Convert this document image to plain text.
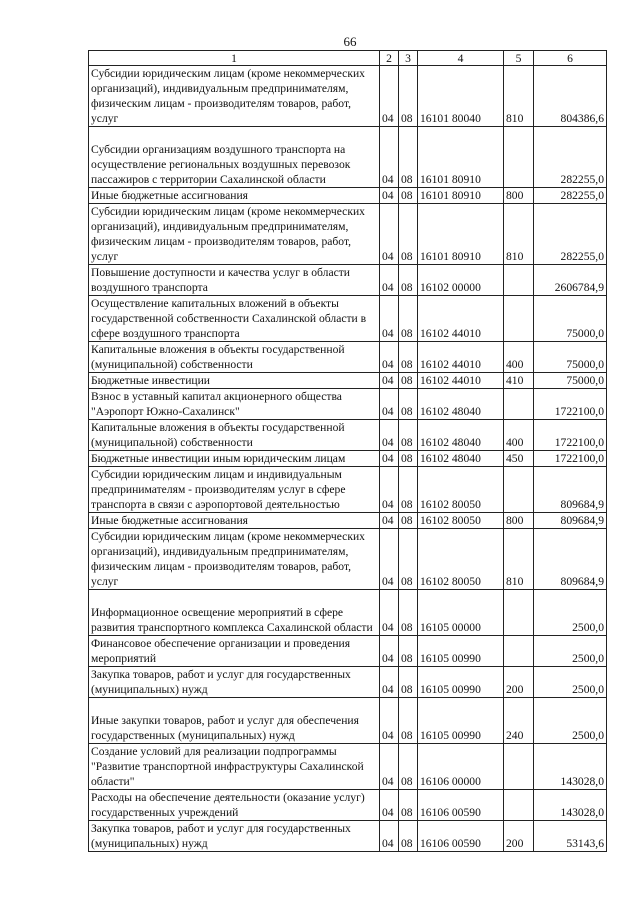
66
1	2	3	4	5	6
Субсидии юридическим лицам (кроме некоммерческих организаций), индивидуальным предпринимателям, физическим лицам - производителям товаров, работ, услуг	04	08	16101 80040	810	804386,6
Субсидии организациям воздушного транспорта на осуществление региональных воздушных перевозок пассажиров с территории Сахалинской области	04	08	16101 80910		282255,0
Иные бюджетные ассигнования	04	08	16101 80910	800	282255,0
Субсидии юридическим лицам (кроме некоммерческих организаций), индивидуальным предпринимателям, физическим лицам - производителям товаров, работ, услуг	04	08	16101 80910	810	282255,0
Повышение доступности и качества услуг в области воздушного транспорта	04	08	16102 00000		2606784,9
Осуществление капитальных вложений в объекты государственной собственности Сахалинской области в сфере воздушного транспорта	04	08	16102 44010		75000,0
Капитальные вложения в объекты государственной (муниципальной) собственности	04	08	16102 44010	400	75000,0
Бюджетные инвестиции	04	08	16102 44010	410	75000,0
Взнос в уставный капитал акционерного общества "Аэропорт Южно-Сахалинск"	04	08	16102 48040		1722100,0
Капитальные вложения в объекты государственной (муниципальной) собственности	04	08	16102 48040	400	1722100,0
Бюджетные инвестиции иным юридическим лицам	04	08	16102 48040	450	1722100,0
Субсидии юридическим лицам и индивидуальным предпринимателям - производителям услуг в сфере транспорта в связи с аэропортовой деятельностью	04	08	16102 80050		809684,9
Иные бюджетные ассигнования	04	08	16102 80050	800	809684,9
Субсидии юридическим лицам (кроме некоммерческих организаций), индивидуальным предпринимателям, физическим лицам - производителям товаров, работ, услуг	04	08	16102 80050	810	809684,9
Информационное освещение мероприятий в сфере развития транспортного комплекса Сахалинской области	04	08	16105 00000		2500,0
Финансовое обеспечение организации и проведения мероприятий	04	08	16105 00990		2500,0
Закупка товаров, работ и услуг для государственных (муниципальных) нужд	04	08	16105 00990	200	2500,0
Иные закупки товаров, работ и услуг для обеспечения государственных (муниципальных) нужд	04	08	16105 00990	240	2500,0
Создание условий для реализации подпрограммы "Развитие транспортной инфраструктуры Сахалинской области"	04	08	16106 00000		143028,0
Расходы на обеспечение деятельности (оказание услуг) государственных учреждений	04	08	16106 00590		143028,0
Закупка товаров, работ и услуг для государственных (муниципальных) нужд	04	08	16106 00590	200	53143,6
